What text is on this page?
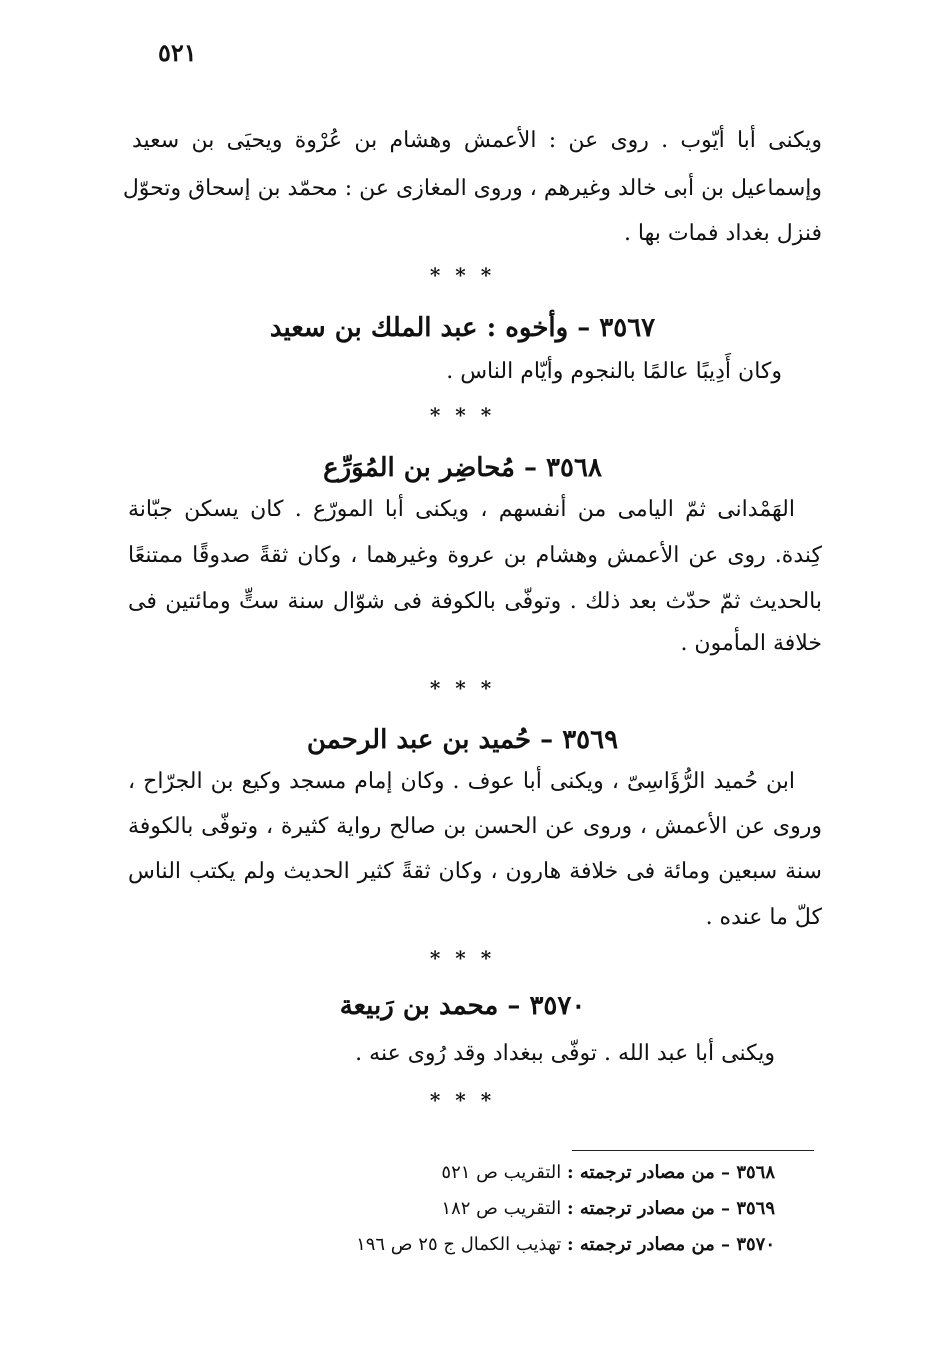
٥٢١
ويكنى أبا أيّوب . روى عن : الأعمش وهشام بن عُرْوة ويحيَى بن سعيد
وإسماعيل بن أبى خالد وغيرهم ، وروى المغازى عن : محمّد بن إسحاق وتحوّل
فنزل بغداد فمات بها .
* * *
٣٥٦٧ – وأخوه : عبد الملك بن سعيد
وكان أَدِيبًا عالمًا بالنجوم وأيّام الناس .
* * *
٣٥٦٨ – مُحاضِر بن المُوَرِّع
الهَمْدانى ثمّ اليامى من أنفسهم ، ويكنى أبا المورّع . كان يسكن جبّانة
كِندة. روى عن الأعمش وهشام بن عروة وغيرهما ، وكان ثقةً صدوقًا ممتنعًا
بالحديث ثمّ حدّث بعد ذلك . وتوفّى بالكوفة فى شوّال سنة ستٍّ ومائتين فى
خلافة المأمون .
* * *
٣٥٦٩ – حُميد بن عبد الرحمن
ابن حُميد الرُّؤَاسِىّ ، ويكنى أبا عوف . وكان إمام مسجد وكيع بن الجرّاح ،
وروى عن الأعمش ، وروى عن الحسن بن صالح رواية كثيرة ، وتوفّى بالكوفة
سنة سبعين ومائة فى خلافة هارون ، وكان ثقةً كثير الحديث ولم يكتب الناس
كلّ ما عنده .
* * *
٣٥٧٠ – محمد بن رَبيعة
ويكنى أبا عبد الله . توفّى ببغداد وقد رُوى عنه .
* * *
٣٥٦٨ – من مصادر ترجمته : التقريب ص ٥٢١
٣٥٦٩ – من مصادر ترجمته : التقريب ص ١٨٢
٣٥٧٠ – من مصادر ترجمته : تهذيب الكمال ج ٢٥ ص ١٩٦
